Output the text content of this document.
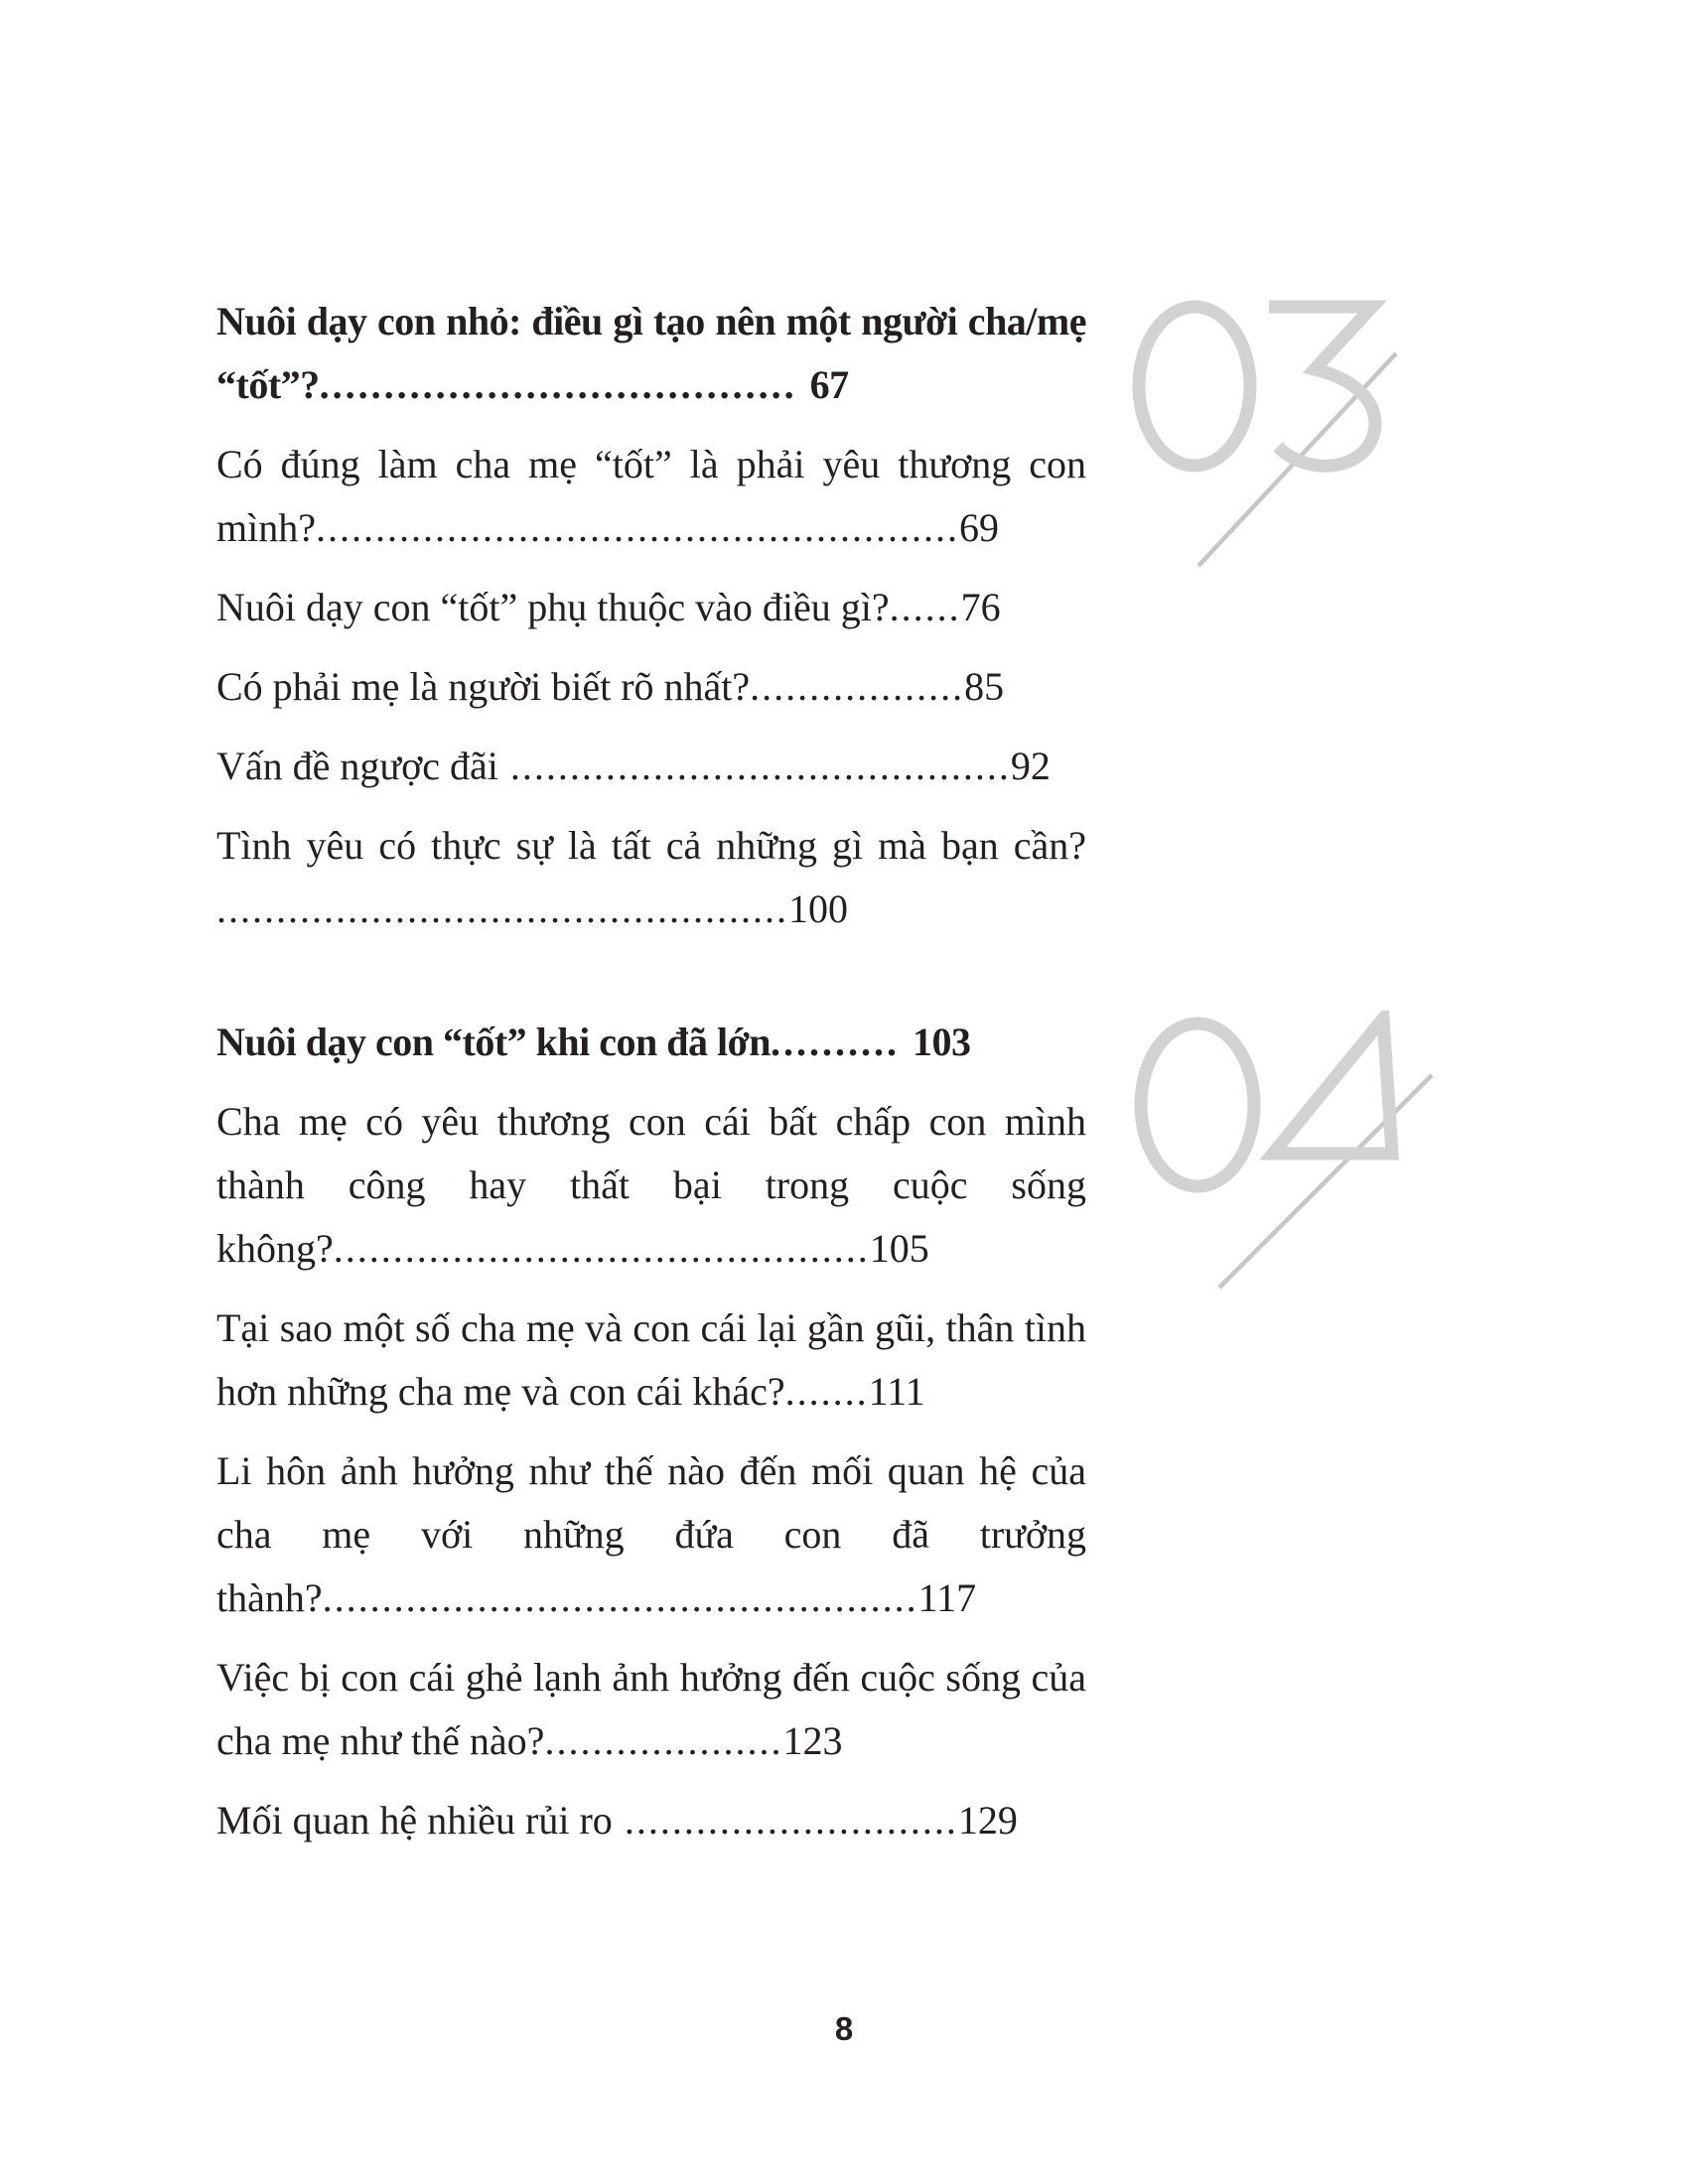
Nuôi dạy con nhỏ: điều gì tạo nên một người cha/mẹ “tốt”?..................................... 67

Có đúng làm cha mẹ “tốt” là phải yêu thương con mình?......................................................69

Nuôi dạy con “tốt” phụ thuộc vào điều gì?......76

Có phải mẹ là người biết rõ nhất?..................85

Vấn đề ngược đãi ..........................................92

Tình yêu có thực sự là tất cả những gì mà bạn cần? ................................................100

Nuôi dạy con “tốt” khi con đã lớn.......... 103

Cha mẹ có yêu thương con cái bất chấp con mình thành công hay thất bại trong cuộc sống không?.............................................105

Tại sao một số cha mẹ và con cái lại gần gũi, thân tình hơn những cha mẹ và con cái khác?.......111

Li hôn ảnh hưởng như thế nào đến mối quan hệ của cha mẹ với những đứa con đã trưởng thành?..................................................117

Việc bị con cái ghẻ lạnh ảnh hưởng đến cuộc sống của cha mẹ như thế nào?....................123

Mối quan hệ nhiều rủi ro ............................129

8
